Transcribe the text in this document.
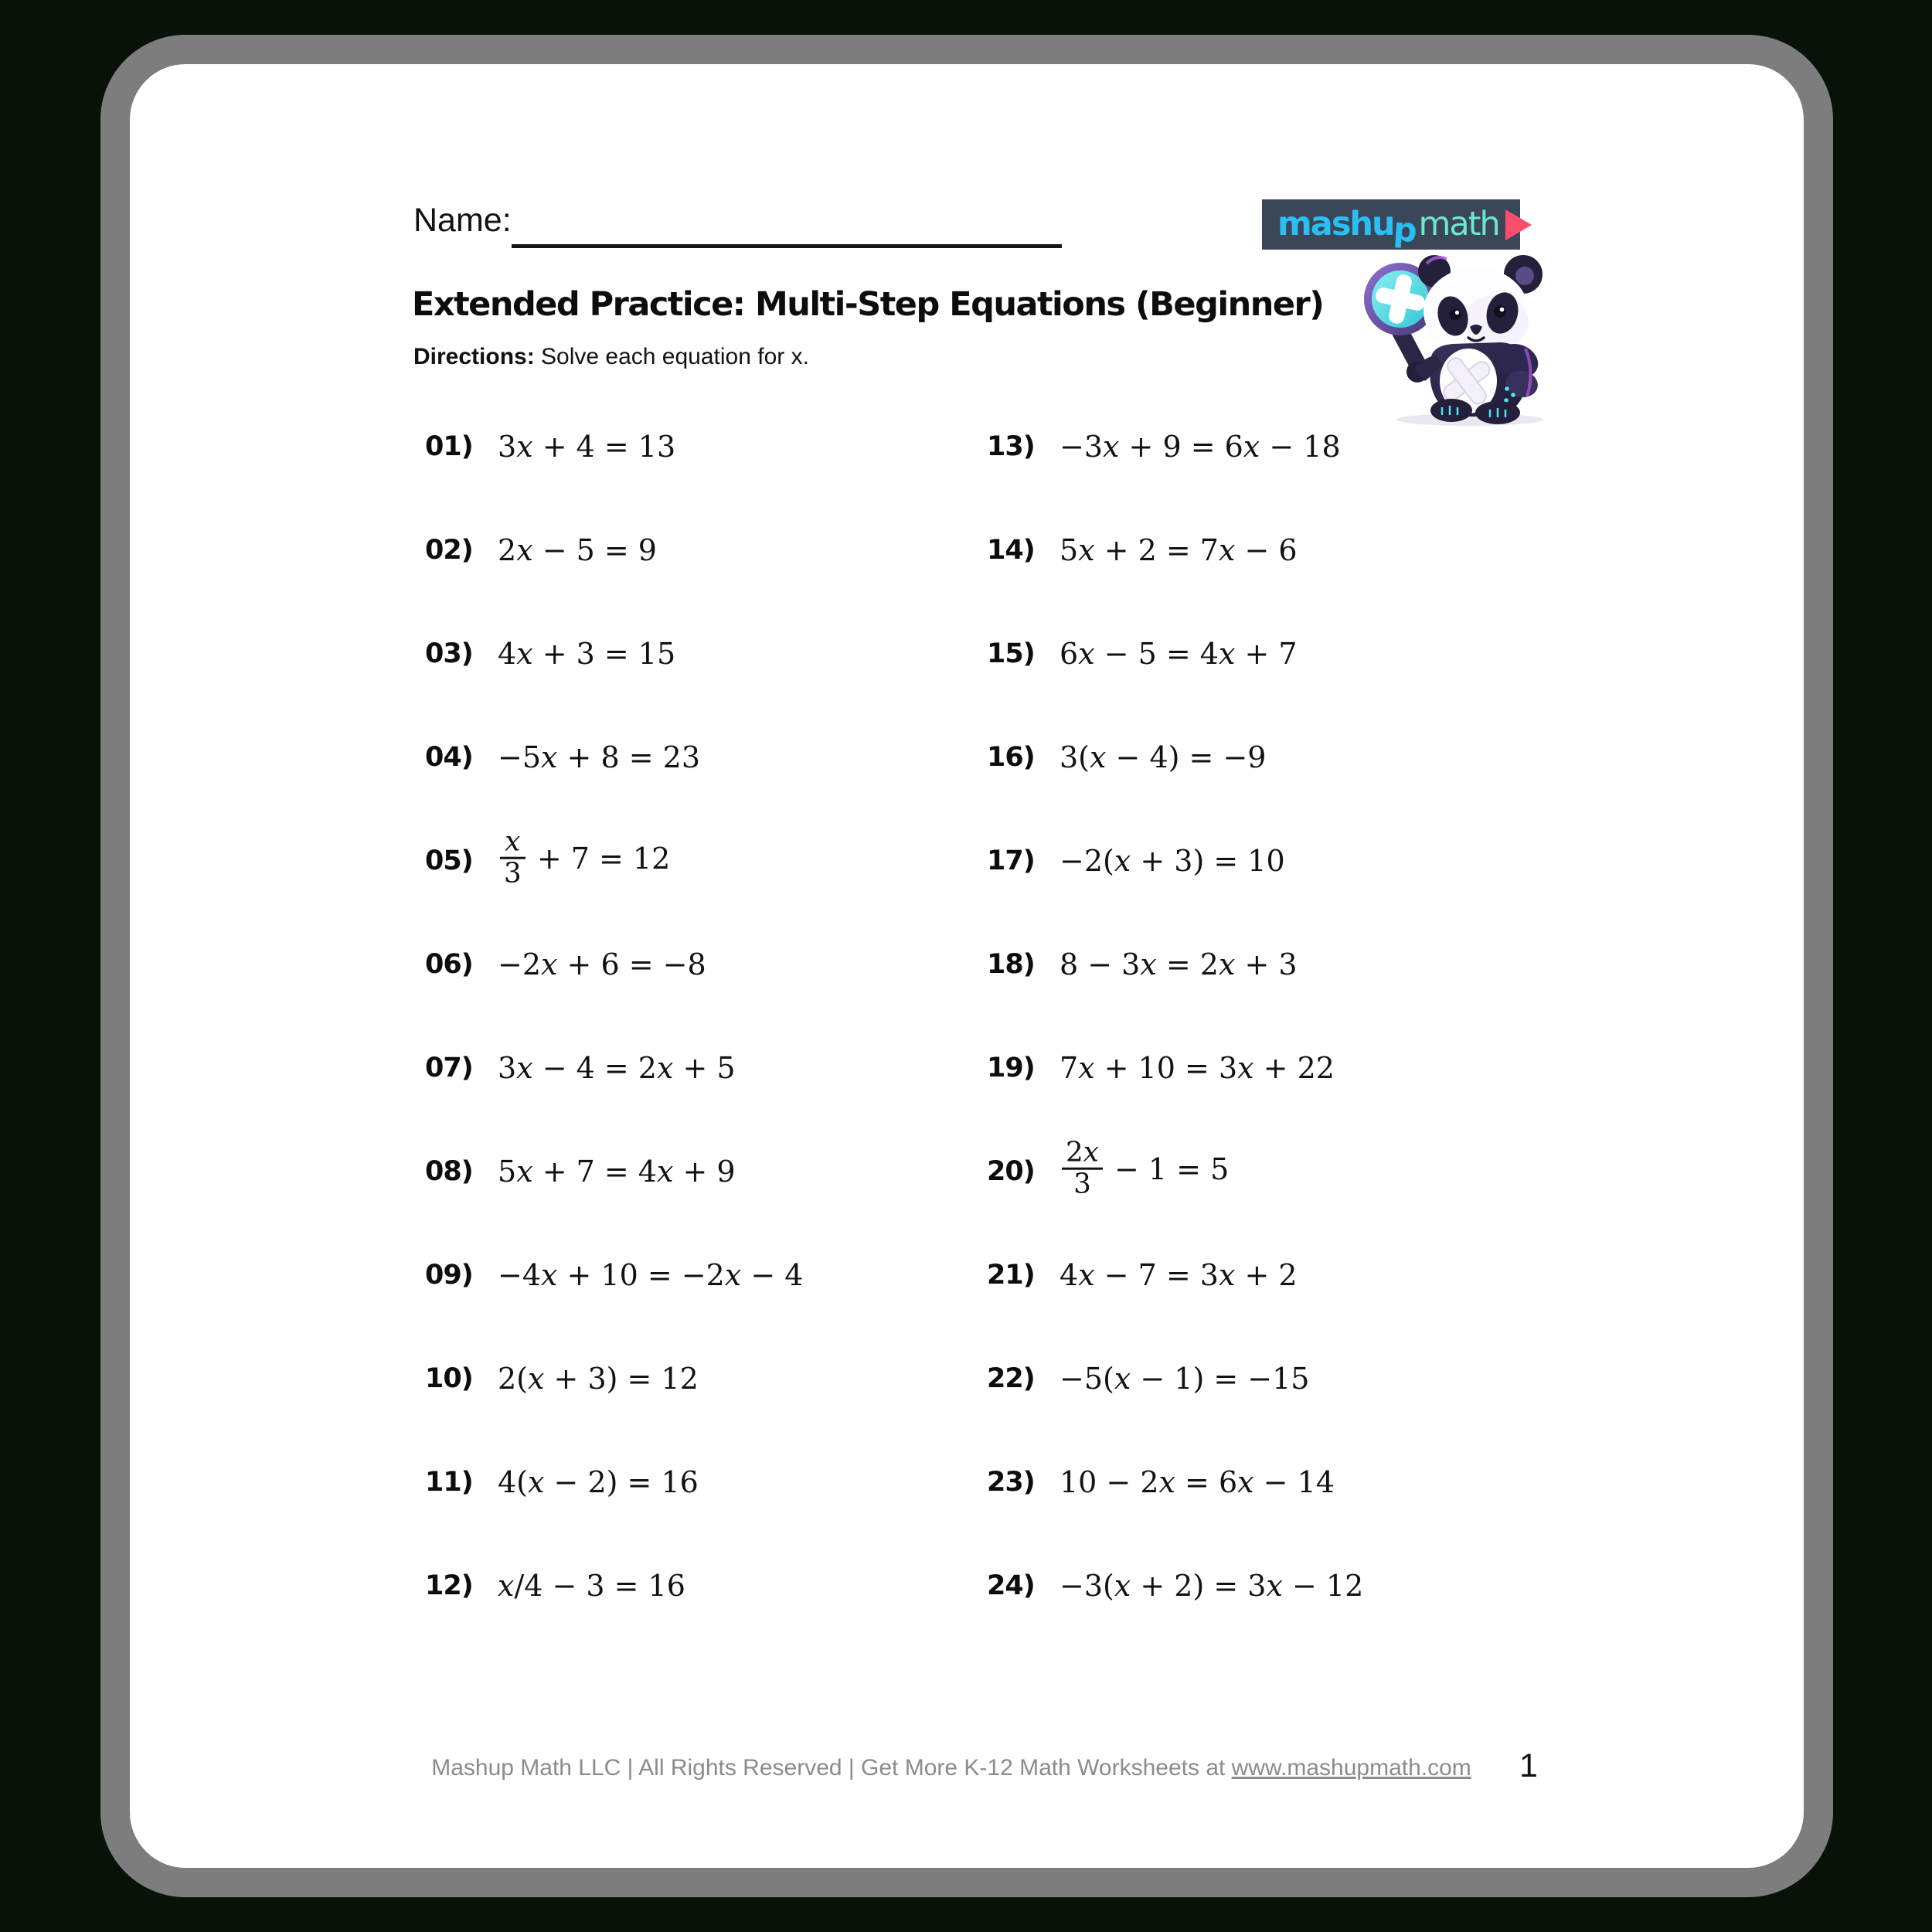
Name:	mashu
p math
Extended Practice: Multi-Step Equations (Beginner)
Directions: Solve each equation for x.
01) 3x + 4 = 13
02) 2x − 5 = 9
03) 4x + 3 = 15
04) −5x + 8 = 23
$05) \frac{x}{3} + 7 = 12$
06) −2x + 6 = −8
07) 3x − 4 = 2x + 5
08) 5x + 7 = 4x + 9
09) −4x + 10 = −2x − 4
10) 2(x + 3) = 12
11) 4(x − 2) = 16
12) x/4 − 3 = 16
13) −3x + 9 = 6x − 18
14) 5x + 2 = 7x − 6
15) 6x − 5 = 4x + 7
16) 3(x − 4) = −9
17) −2(x + 3) = 10
18) 8 − 3x = 2x + 3
19) 7x + 10 = 3x + 22
$20) \frac{2x}{3} - 1 = 5$
21) 4x − 7 = 3x + 2
22) −5(x − 1) = −15
23) 10 − 2x = 6x − 14
24) −3(x + 2) = 3x − 12
Mashup Math LLC | All Rights Reserved | Get More K-12 Math Worksheets at www.mashupmath.com	1
